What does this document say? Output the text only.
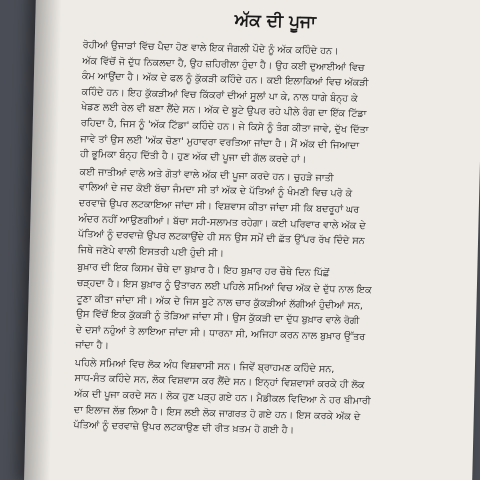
ਅੱਕ ਦੀ ਪੂਜਾ
ਰੋਹੀਆਂ ਉਜਾੜਾਂ ਵਿੱਚ ਪੈਦਾ ਹੋਣ ਵਾਲੇ ਇਕ ਜੰਗਲੀ ਪੌਦੇ ਨੂੰ ਅੱਕ ਕਹਿੰਦੇ ਹਨ।
ਅੱਕ ਵਿੱਚੋਂ ਜੋ ਦੁੱਧ ਨਿਕਲਦਾ ਹੈ, ਉਹ ਜ਼ਹਿਰੀਲਾ ਹੁੰਦਾ ਹੈ। ਉਹ ਕਈ ਦੁਆਈਆਂ ਵਿਚ
ਕੰਮ ਆਉਂਦਾ ਹੈ। ਅੱਕ ਦੇ ਫਲ ਨੂੰ ਕੁੱਕੜੀ ਕਹਿੰਦੇ ਹਨ। ਕਈ ਇਲਾਕਿਆਂ ਵਿਚ ਅੱਕੜੀ
ਕਹਿੰਦੇ ਹਨ। ਇਹ ਕੁੱਕੜੀਆਂ ਵਿਚ ਕਿੱਕਰਾਂ ਦੀਆਂ ਸੂਲਾਂ ਪਾ ਕੇ, ਨਾਲ ਧਾਗੇ ਬੰਨ੍ਹ ਕੇ
ਖੇਡਣ ਲਈ ਰੇਲ ਵੀ ਬਣਾ ਲੈਂਦੇ ਸਨ। ਅੱਕ ਦੇ ਬੂਟੇ ਉਪਰ ਰਹੇ ਪੀਲੇ ਰੰਗ ਦਾ ਇੱਕ ਟਿੱਡਾ
ਰਹਿਦਾ ਹੈ, ਜਿਸ ਨੂੰ 'ਅੱਕ ਟਿੱਡਾ' ਕਹਿੰਦੇ ਹਨ। ਜੇ ਕਿਸੇ ਨੂੰ ਤੰਗ ਕੀਤਾ ਜਾਵੇ, ਦੁੱਖ ਦਿੱਤਾ
ਜਾਵੇ ਤਾਂ ਉਸ ਲਈ 'ਅੱਕ ਚੋਣਾ' ਮੁਹਾਵਰਾ ਵਰਤਿਆ ਜਾਂਦਾ ਹੈ। ਮੈਂ ਅੱਕ ਦੀ ਜਿਆਦਾ
ਹੀ ਭੂਮਿਕਾ ਬੰਨ੍ਹ ਦਿੱਤੀ ਹੈ। ਹੁਣ ਅੱਕ ਦੀ ਪੂਜਾ ਦੀ ਗੱਲ ਕਰਦੇ ਹਾਂ।
ਕਈ ਜਾਤੀਆਂ ਵਾਲੇ ਅਤੇ ਗੋਤਾਂ ਵਾਲੇ ਅੱਕ ਦੀ ਪੂਜਾ ਕਰਦੇ ਹਨ। ਚੁਹੜੇ ਜਾਤੀ
ਵਾਲਿਆਂ ਦੇ ਜਦ ਕੋਈ ਬੱਚਾ ਜੰਮਦਾ ਸੀ ਤਾਂ ਅੱਕ ਦੇ ਪੱਤਿਆਂ ਨੂੰ ਖੰਮਣੀ ਵਿਚ ਪਰੋ ਕੇ
ਦਰਵਾਜ਼ੇ ਉਪਰ ਲਟਕਾਇਆ ਜਾਂਦਾ ਸੀ। ਵਿਸ਼ਵਾਸ ਕੀਤਾ ਜਾਂਦਾ ਸੀ ਕਿ ਬਦਰੂਹਾਂ ਘਰ
ਅੰਦਰ ਨਹੀਂ ਆਉਣਗੀਆਂ। ਬੱਚਾ ਸਹੀ-ਸਲਾਮਤ ਰਹੇਗਾ। ਕਈ ਪਰਿਵਾਰ ਵਾਲੇ ਅੱਕ ਦੇ
ਪੱਤਿਆਂ ਨੂੰ ਦਰਵਾਜ਼ੇ ਉਪਰ ਲਟਕਾਉਂਦੇ ਹੀ ਸਨ ਉਸ ਸਮੇਂ ਦੀ ਛੱਤ ਉੱਪਰ ਰੱਖ ਦਿੰਦੇ ਸਨ
ਜਿਥੇ ਜਣੇਪੇ ਵਾਲੀ ਇਸਤਰੀ ਪਈ ਹੁੰਦੀ ਸੀ।
ਬੁਖ਼ਾਰ ਦੀ ਇਕ ਕਿਸਮ ਚੌਥੇ ਦਾ ਬੁਖ਼ਾਰ ਹੈ। ਇਹ ਬੁਖ਼ਾਰ ਹਰ ਚੌਥੇ ਦਿਨ ਪਿੱਛੋਂ
ਚੜ੍ਹਦਾ ਹੈ। ਇਸ ਬੁਖ਼ਾਰ ਨੂੰ ਉਤਾਰਨ ਲਈ ਪਹਿਲੇ ਸਮਿਆਂ ਵਿਚ ਅੱਕ ਦੇ ਦੁੱਧ ਨਾਲ ਇਕ
ਟੂਣਾ ਕੀਤਾ ਜਾਂਦਾ ਸੀ। ਅੱਕ ਦੇ ਜਿਸ ਬੂਟੇ ਨਾਲ ਚਾਰ ਕੁੱਕੜੀਆਂ ਲੱਗੀਆਂ ਹੁੰਦੀਆਂ ਸਨ,
ਉਸ ਵਿੱਚੋਂ ਇਕ ਕੁੱਕੜੀ ਨੂੰ ਤੋੜਿਆ ਜਾਂਦਾ ਸੀ। ਉਸ ਕੁੱਕੜੀ ਦਾ ਦੁੱਧ ਬੁਖ਼ਾਰ ਵਾਲੇ ਰੋਗੀ
ਦੇ ਦਸਾਂ ਨਹੁੰਆਂ ਤੇ ਲਾਇਆ ਜਾਂਦਾ ਸੀ। ਧਾਰਨਾ ਸੀ, ਅਜਿਹਾ ਕਰਨ ਨਾਲ ਬੁਖ਼ਾਰ ਉੱਤਰ
ਜਾਂਦਾ ਹੈ।
ਪਹਿਲੇ ਸਮਿਆਂ ਵਿਚ ਲੋਕ ਅੰਧ ਵਿਸ਼ਵਾਸੀ ਸਨ। ਜਿਵੇਂ ਬ੍ਰਾਹਮਣ ਕਹਿੰਦੇ ਸਨ,
ਸਾਧ-ਸੰਤ ਕਹਿੰਦੇ ਸਨ, ਲੋਕ ਵਿਸ਼ਵਾਸ ਕਰ ਲੈਂਦੇ ਸਨ। ਇਨ੍ਹਾਂ ਵਿਸ਼ਵਾਸਾਂ ਕਰਕੇ ਹੀ ਲੋਕ
ਅੱਕ ਦੀ ਪੂਜਾ ਕਰਦੇ ਸਨ। ਲੋਕ ਹੁਣ ਪੜ੍ਹ ਗਏ ਹਨ। ਮੈਡੀਕਲ ਵਿਦਿਆ ਨੇ ਹਰ ਬੀਮਾਰੀ
ਦਾ ਇਲਾਜ ਲੱਭ ਲਿਆ ਹੈ। ਇਸ ਲਈ ਲੋਕ ਜਾਗਰਤ ਹੋ ਗਏ ਹਨ। ਇਸ ਕਰਕੇ ਅੱਕ ਦੇ
ਪੱਤਿਆਂ ਨੂੰ ਦਰਵਾਜ਼ੇ ਉਪਰ ਲਟਕਾਉਣ ਦੀ ਰੀਤ ਖ਼ਤਮ ਹੋ ਗਈ ਹੈ।
